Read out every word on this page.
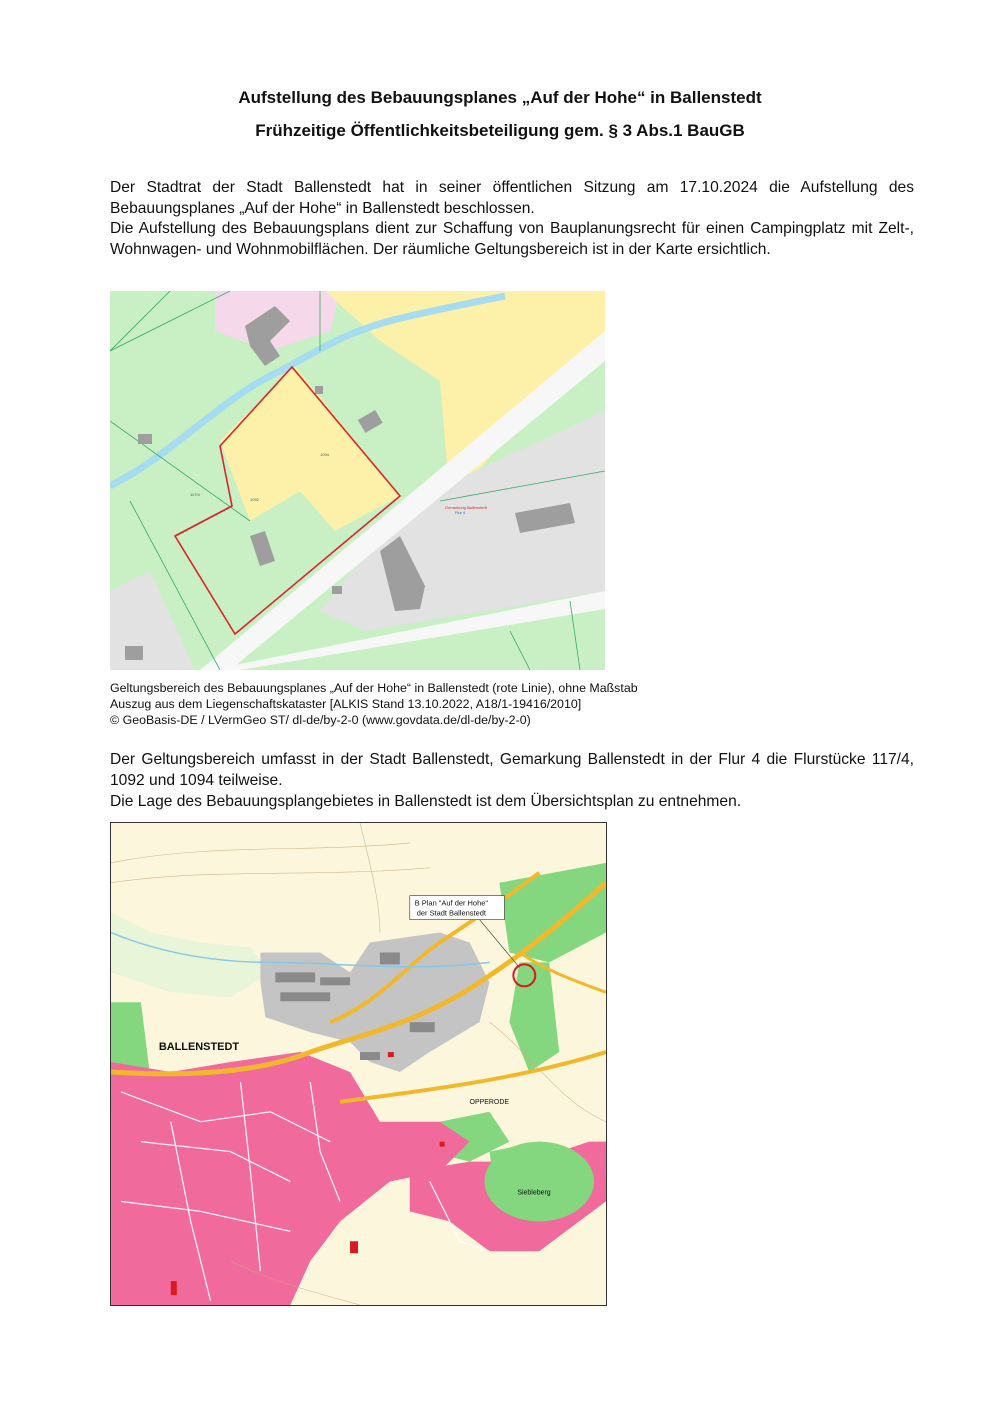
Aufstellung des Bebauungsplanes „Auf der Hohe“ in Ballenstedt
Frühzeitige Öffentlichkeitsbeteiligung gem. § 3 Abs.1 BauGB

Der Stadtrat der Stadt Ballenstedt hat in seiner öffentlichen Sitzung am 17.10.2024 die Aufstellung des Bebauungsplanes „Auf der Hohe“ in Ballenstedt beschlossen.

Die Aufstellung des Bebauungsplans dient zur Schaffung von Bauplanungsrecht für einen Campingplatz mit Zelt-, Wohnwagen- und Wohnmobilflächen. Der räumliche Geltungsbereich ist in der Karte ersichtlich.

1094
1092
117/4
Gemarkung Ballenstedt
Flur 4

Geltungsbereich des Bebauungsplanes „Auf der Hohe“ in Ballenstedt (rote Linie), ohne Maßstab

Auszug aus dem Liegenschaftskataster [ALKIS Stand 13.10.2022, A18/1-19416/2010]

© GeoBasis-DE / LVermGeo ST/ dl-de/by-2-0 (www.govdata.de/dl-de/by-2-0)

Der Geltungsbereich umfasst in der Stadt Ballenstedt, Gemarkung Ballenstedt in der Flur 4 die Flurstücke 117/4, 1092 und 1094 teilweise.

Die Lage des Bebauungsplangebietes in Ballenstedt ist dem Übersichtsplan zu entnehmen.

B Plan "Auf der Hohe"
der Stadt Ballenstedt
BALLENSTEDT
OPPERODE
Siebleberg
